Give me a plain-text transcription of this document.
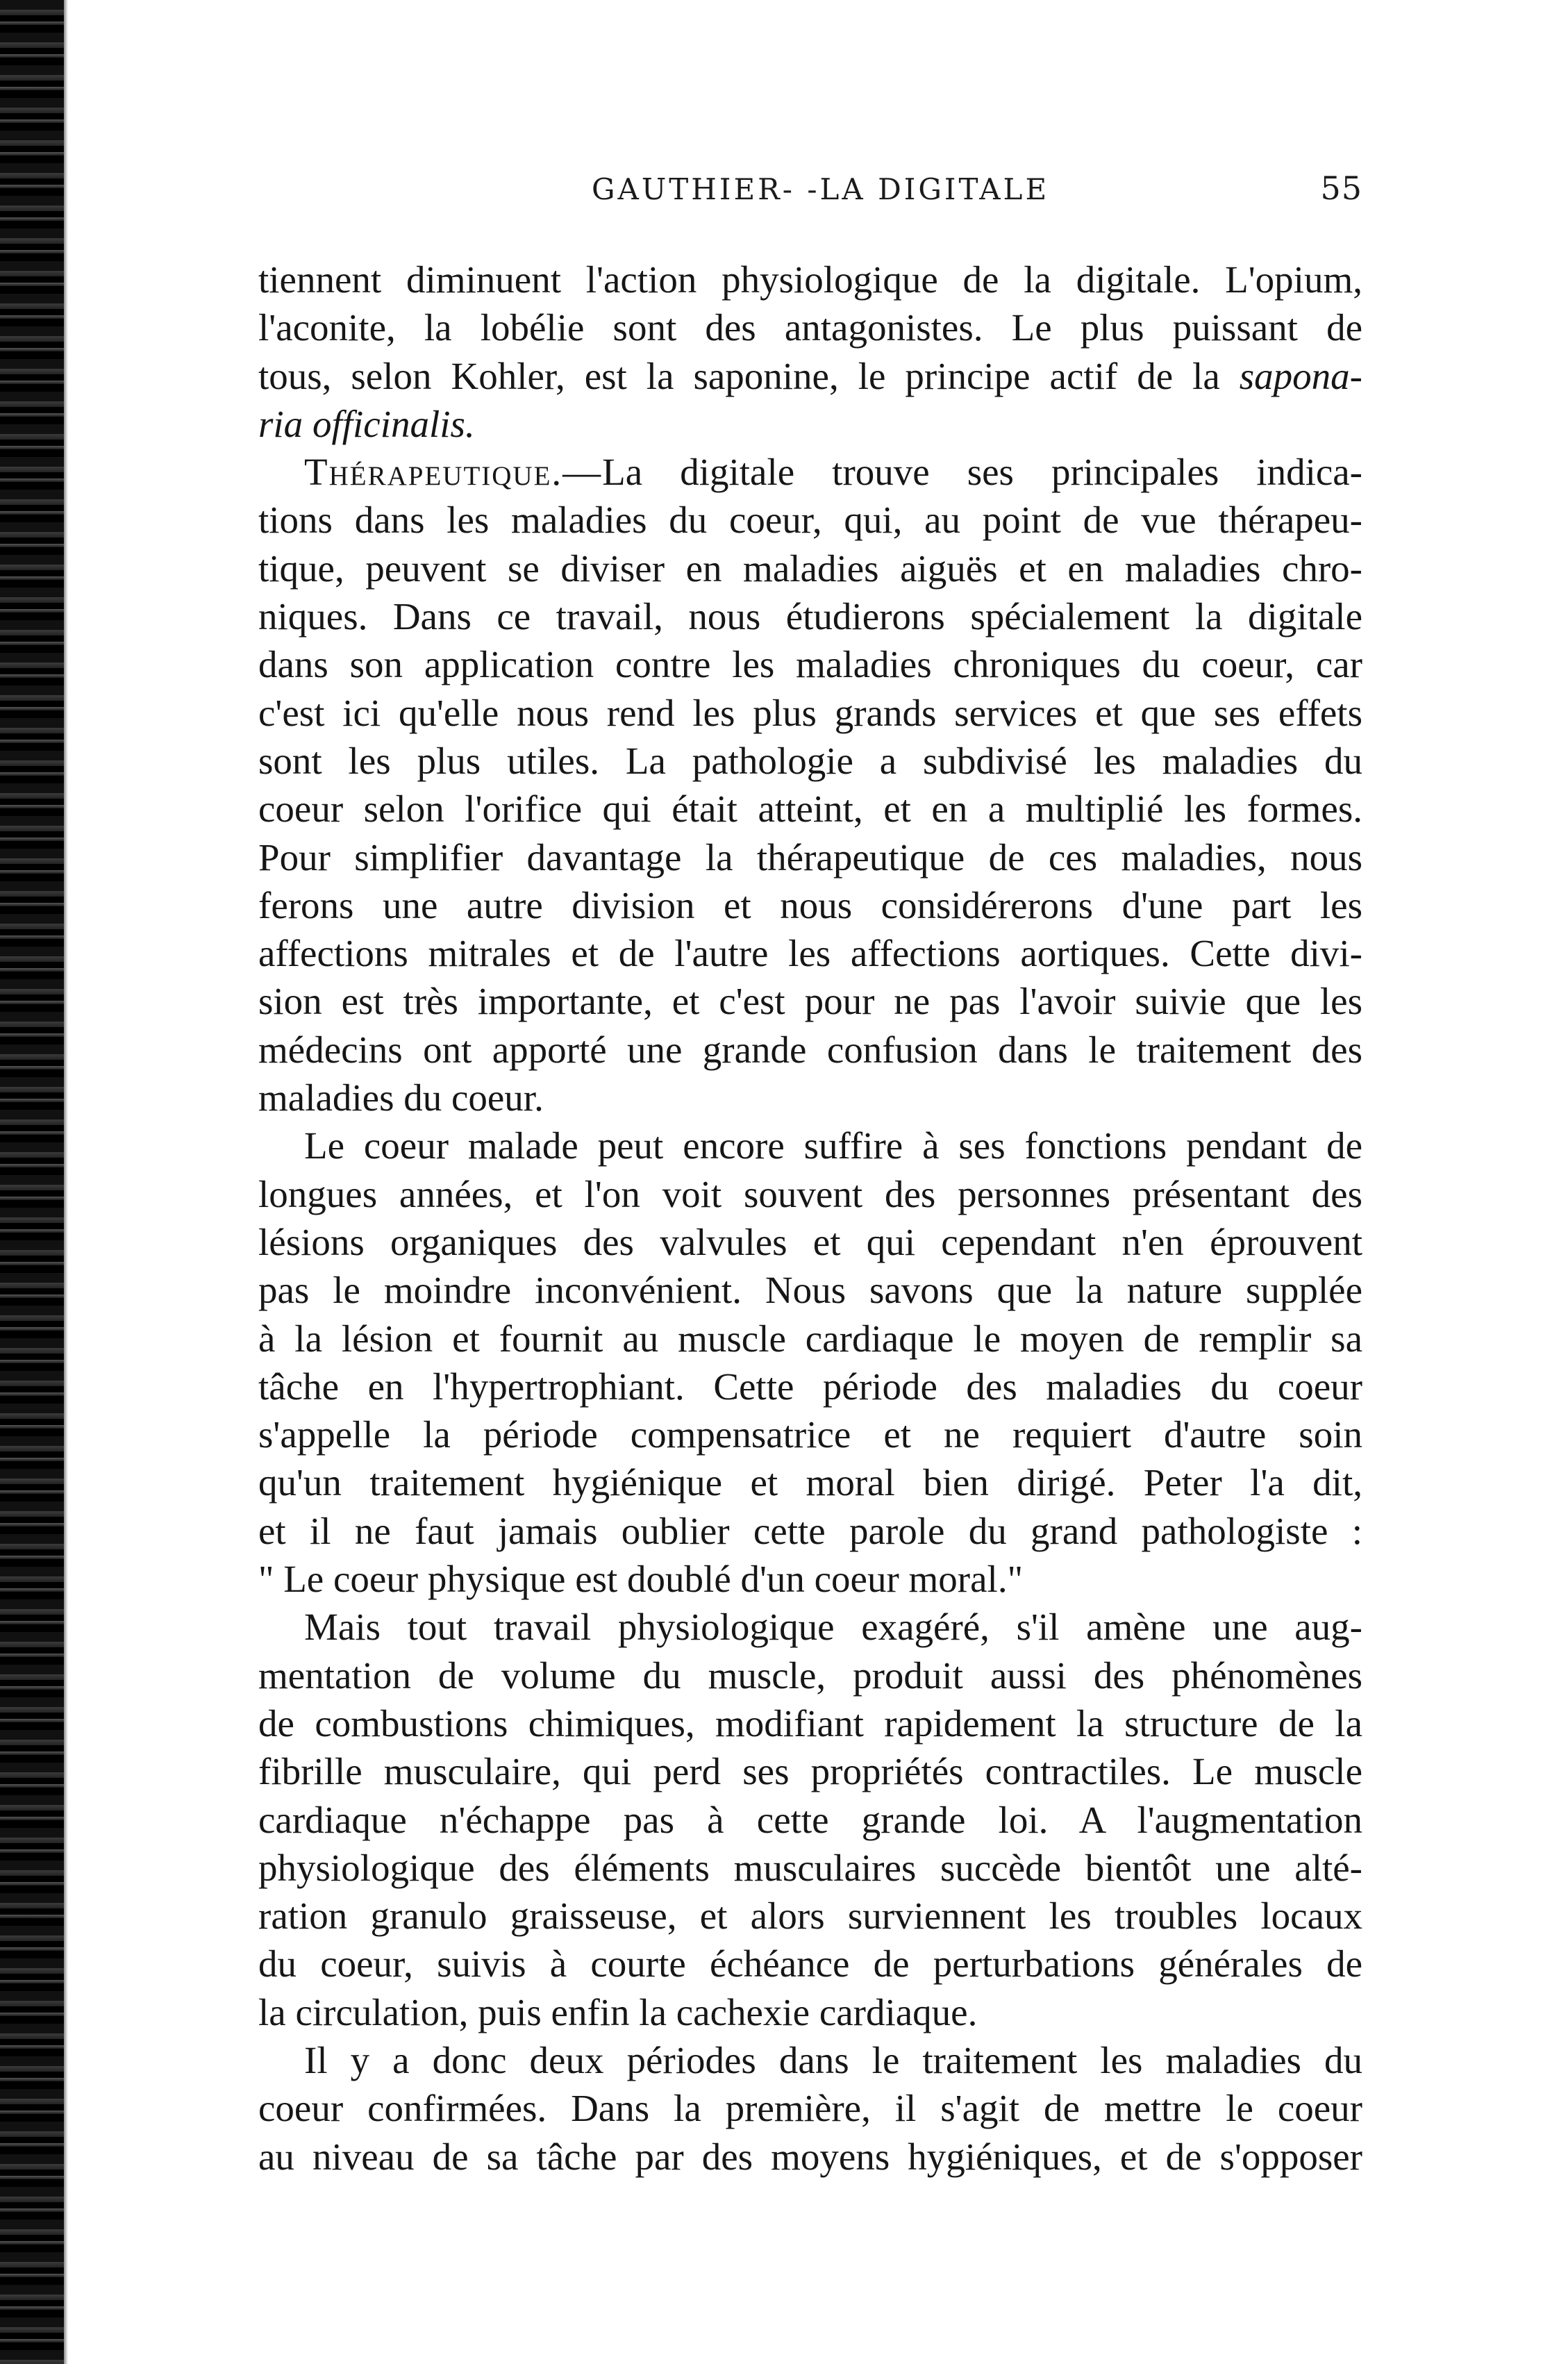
GAUTHIER- -LA DIGITALE	55
tiennent diminuent l'action physiologique de la digitale. L'opium,
l'aconite, la lobélie sont des antagonistes. Le plus puissant de
tous, selon Kohler, est la saponine, le principe actif de la sapona-
ria officinalis.
Thérapeutique.—La digitale trouve ses principales indica-
tions dans les maladies du coeur, qui, au point de vue thérapeu-
tique, peuvent se diviser en maladies aiguës et en maladies chro-
niques. Dans ce travail, nous étudierons spécialement la digitale
dans son application contre les maladies chroniques du coeur, car
c'est ici qu'elle nous rend les plus grands services et que ses effets
sont les plus utiles. La pathologie a subdivisé les maladies du
coeur selon l'orifice qui était atteint, et en a multiplié les formes.
Pour simplifier davantage la thérapeutique de ces maladies, nous
ferons une autre division et nous considérerons d'une part les
affections mitrales et de l'autre les affections aortiques. Cette divi-
sion est très importante, et c'est pour ne pas l'avoir suivie que les
médecins ont apporté une grande confusion dans le traitement des
maladies du coeur.
Le coeur malade peut encore suffire à ses fonctions pendant de
longues années, et l'on voit souvent des personnes présentant des
lésions organiques des valvules et qui cependant n'en éprouvent
pas le moindre inconvénient. Nous savons que la nature supplée
à la lésion et fournit au muscle cardiaque le moyen de remplir sa
tâche en l'hypertrophiant. Cette période des maladies du coeur
s'appelle la période compensatrice et ne requiert d'autre soin
qu'un traitement hygiénique et moral bien dirigé. Peter l'a dit,
et il ne faut jamais oublier cette parole du grand pathologiste :
" Le coeur physique est doublé d'un coeur moral."
Mais tout travail physiologique exagéré, s'il amène une aug-
mentation de volume du muscle, produit aussi des phénomènes
de combustions chimiques, modifiant rapidement la structure de la
fibrille musculaire, qui perd ses propriétés contractiles. Le muscle
cardiaque n'échappe pas à cette grande loi. A l'augmentation
physiologique des éléments musculaires succède bientôt une alté-
ration granulo graisseuse, et alors surviennent les troubles locaux
du coeur, suivis à courte échéance de perturbations générales de
la circulation, puis enfin la cachexie cardiaque.
Il y a donc deux périodes dans le traitement les maladies du
coeur confirmées. Dans la première, il s'agit de mettre le coeur
au niveau de sa tâche par des moyens hygiéniques, et de s'opposer
